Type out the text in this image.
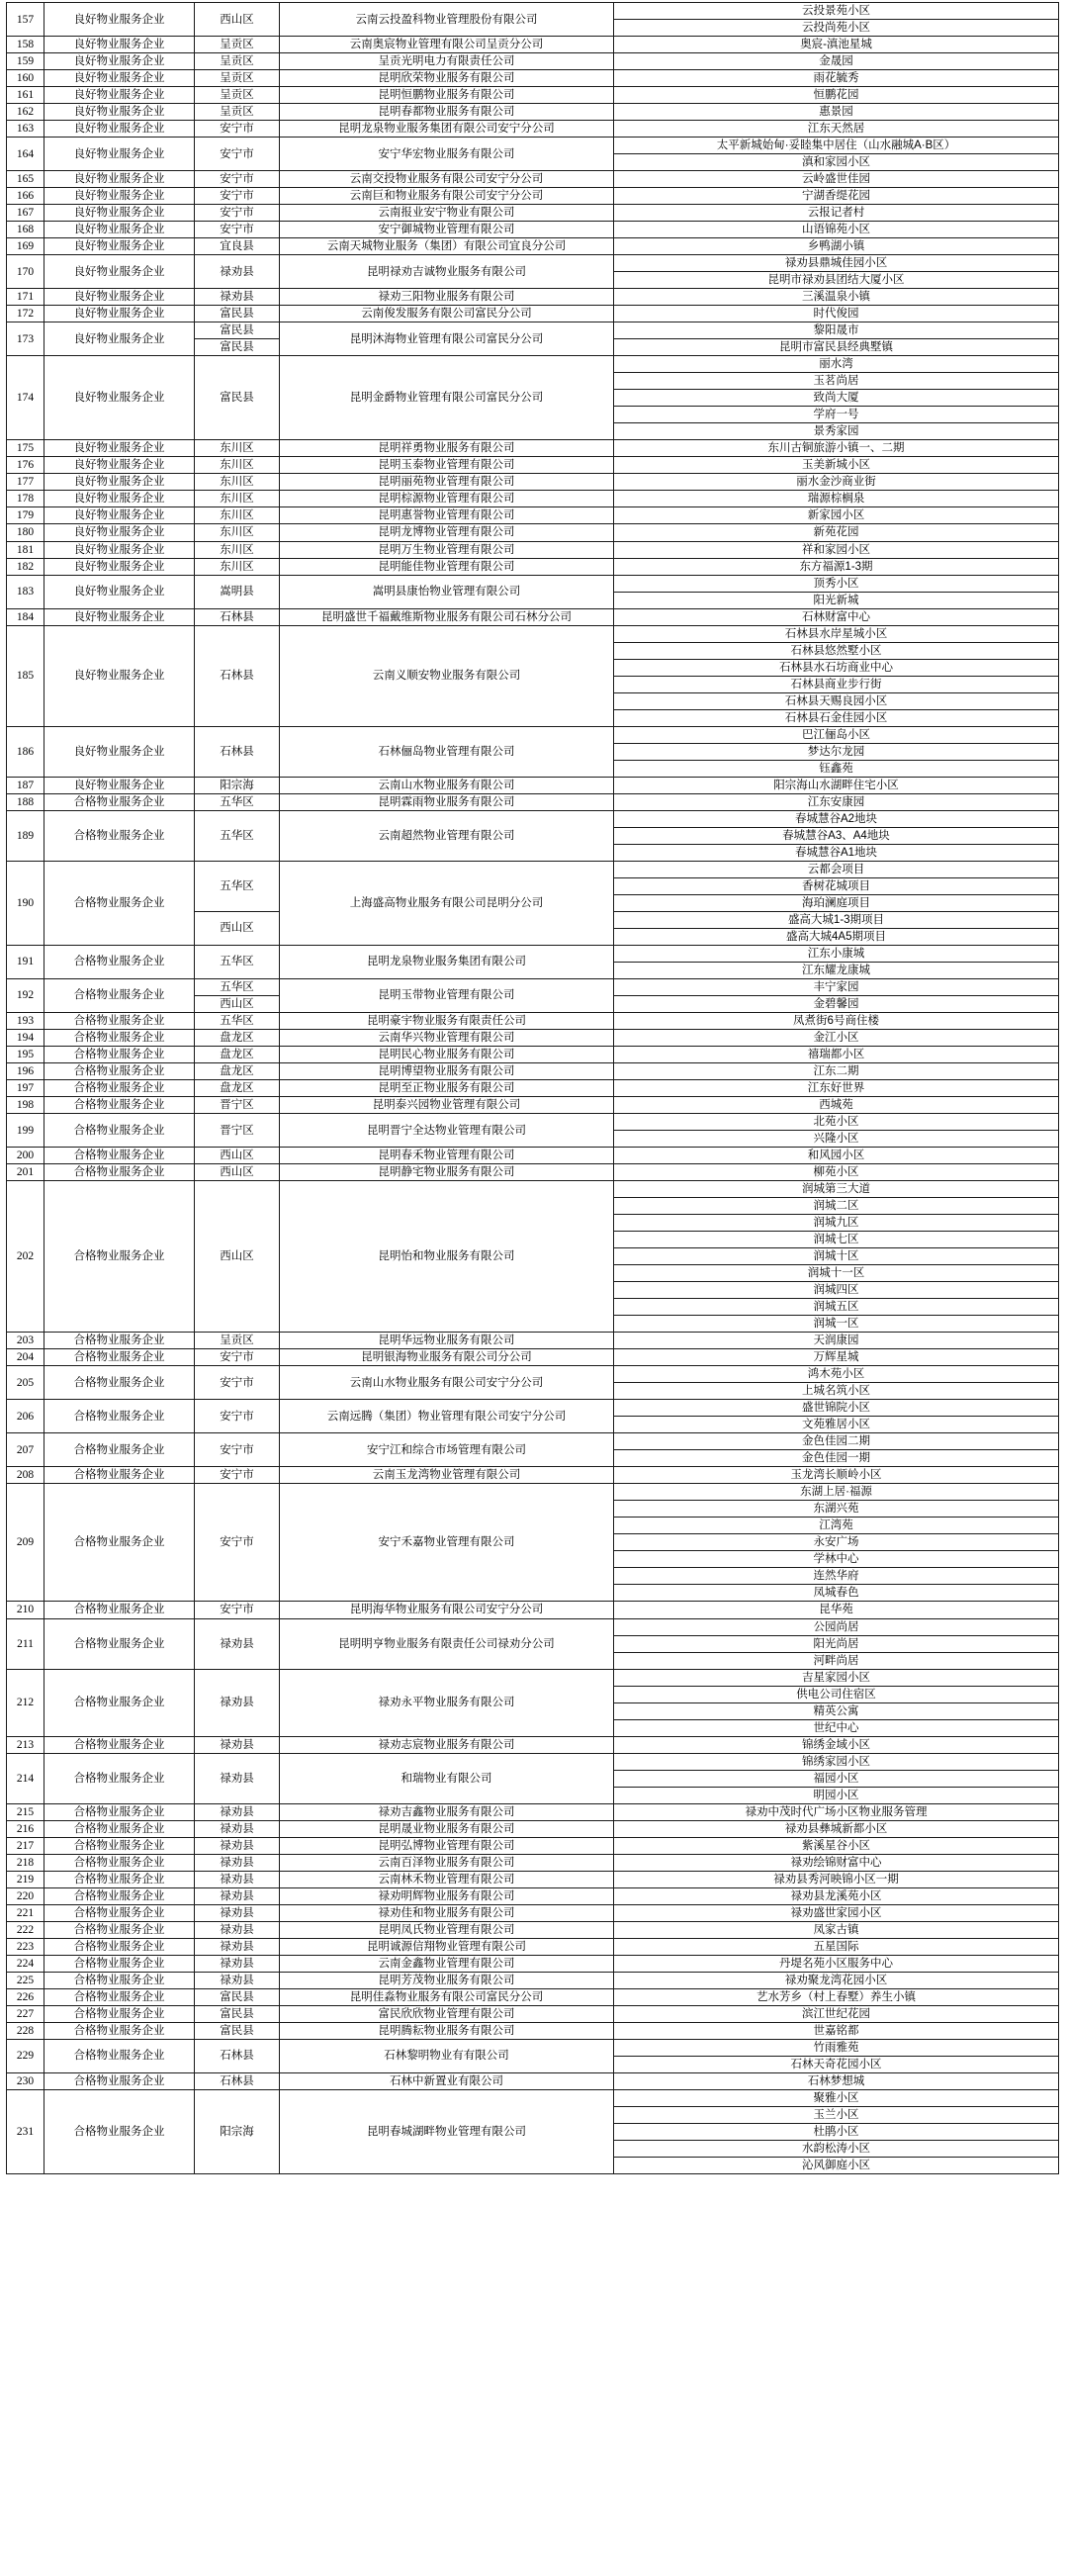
157	良好物业服务企业	西山区	云南云投盈科物业管理股份有限公司	云投景苑小区
				云投尚苑小区
158	良好物业服务企业	呈贡区	云南奥宸物业管理有限公司呈贡分公司	奥宸-滇池星城
159	良好物业服务企业	呈贡区	呈贡光明电力有限责任公司	金晟园
160	良好物业服务企业	呈贡区	昆明欣荣物业服务有限公司	雨花毓秀
161	良好物业服务企业	呈贡区	昆明恒鹏物业服务有限公司	恒鹏花园
162	良好物业服务企业	呈贡区	昆明春都物业服务有限公司	惠景园
163	良好物业服务企业	安宁市	昆明龙泉物业服务集团有限公司安宁分公司	江东天然居
164	良好物业服务企业	安宁市	安宁华宏物业服务有限公司	太平新城始甸·妥睦集中居住（山水融城A·B区）
				滇和家园小区
165	良好物业服务企业	安宁市	云南交投物业服务有限公司安宁分公司	云岭盛世佳园
166	良好物业服务企业	安宁市	云南巨和物业服务有限公司安宁分公司	宁湖香缇花园
167	良好物业服务企业	安宁市	云南报业安宁物业有限公司	云报记者村
168	良好物业服务企业	安宁市	安宁御城物业管理有限公司	山语锦苑小区
169	良好物业服务企业	宜良县	云南天城物业服务（集团）有限公司宜良分公司	乡鸭湖小镇
170	良好物业服务企业	禄劝县	昆明禄劝吉诚物业服务有限公司	禄劝县鼎城佳园小区
				昆明市禄劝县团结大厦小区
171	良好物业服务企业	禄劝县	禄劝三阳物业服务有限公司	三溪温泉小镇
172	良好物业服务企业	富民县	云南俊发服务有限公司富民分公司	时代俊园
173	良好物业服务企业	富民县	昆明沐海物业管理有限公司富民分公司	黎阳晟市
		富民县		昆明市富民县经典墅镇
174	良好物业服务企业	富民县	昆明金爵物业管理有限公司富民分公司	丽水湾
				玉茗尚居
				致尚大厦
				学府一号
				景秀家园
175	良好物业服务企业	东川区	昆明祥勇物业服务有限公司	东川古铜旅游小镇一、二期
176	良好物业服务企业	东川区	昆明玉泰物业管理有限公司	玉美新城小区
177	良好物业服务企业	东川区	昆明丽苑物业管理有限公司	丽水金沙商业街
178	良好物业服务企业	东川区	昆明棕源物业管理有限公司	瑞源棕榈泉
179	良好物业服务企业	东川区	昆明惠誉物业管理有限公司	新家园小区
180	良好物业服务企业	东川区	昆明龙博物业管理有限公司	新苑花园
181	良好物业服务企业	东川区	昆明万生物业管理有限公司	祥和家园小区
182	良好物业服务企业	东川区	昆明能佳物业管理有限公司	东方福源1-3期
183	良好物业服务企业	嵩明县	嵩明县康怡物业管理有限公司	顶秀小区
				阳光新城
184	良好物业服务企业	石林县	昆明盛世千福戴维斯物业服务有限公司石林分公司	石林财富中心
185	良好物业服务企业	石林县	云南义顺安物业服务有限公司	石林县水岸星城小区
				石林县悠然墅小区
				石林县水石坊商业中心
				石林县商业步行街
				石林县天赐良园小区
				石林县石金佳园小区
186	良好物业服务企业	石林县	石林俪岛物业管理有限公司	巴江俪岛小区
				梦达尔龙园
				钰鑫苑
187	良好物业服务企业	阳宗海	云南山水物业服务有限公司	阳宗海山水湖畔住宅小区
188	合格物业服务企业	五华区	昆明霖雨物业服务有限公司	江东安康园
189	合格物业服务企业	五华区	云南超然物业管理有限公司	春城慧谷A2地块
				春城慧谷A3、A4地块
				春城慧谷A1地块
190	合格物业服务企业	五华区	上海盛高物业服务有限公司昆明分公司	云都会项目
				香树花城项目
				海珀澜庭项目
		西山区		盛高大城1-3期项目
				盛高大城4A5期项目
191	合格物业服务企业	五华区	昆明龙泉物业服务集团有限公司	江东小康城
				江东耀龙康城
192	合格物业服务企业	五华区	昆明玉带物业管理有限公司	丰宁家园
		西山区		金碧馨园
193	合格物业服务企业	五华区	昆明豪宇物业服务有限责任公司	凤煮街6号商住楼
194	合格物业服务企业	盘龙区	云南华兴物业管理有限公司	金江小区
195	合格物业服务企业	盘龙区	昆明民心物业服务有限公司	禧瑞都小区
196	合格物业服务企业	盘龙区	昆明博望物业服务有限公司	江东二期
197	合格物业服务企业	盘龙区	昆明至正物业服务有限公司	江东好世界
198	合格物业服务企业	晋宁区	昆明泰兴园物业管理有限公司	西城苑
199	合格物业服务企业	晋宁区	昆明晋宁全达物业管理有限公司	北苑小区
				兴隆小区
200	合格物业服务企业	西山区	昆明春禾物业管理有限公司	和风园小区
201	合格物业服务企业	西山区	昆明静宅物业服务有限公司	柳苑小区
202	合格物业服务企业	西山区	昆明怡和物业服务有限公司	润城第三大道
				润城二区
				润城九区
				润城七区
				润城十区
				润城十一区
				润城四区
				润城五区
				润城一区
203	合格物业服务企业	呈贡区	昆明华远物业服务有限公司	天润康园
204	合格物业服务企业	安宁市	昆明银海物业服务有限公司分公司	万辉星城
205	合格物业服务企业	安宁市	云南山水物业服务有限公司安宁分公司	鸿木苑小区
				上城名筑小区
206	合格物业服务企业	安宁市	云南远腾（集团）物业管理有限公司安宁分公司	盛世锦院小区
				文苑雅居小区
207	合格物业服务企业	安宁市	安宁江和综合市场管理有限公司	金色佳园二期
				金色佳园一期
208	合格物业服务企业	安宁市	云南玉龙湾物业管理有限公司	玉龙湾长顺岭小区
209	合格物业服务企业	安宁市	安宁禾嘉物业管理有限公司	东湖上居·福源
				东湖兴苑
				江湾苑
				永安广场
				学林中心
				连然华府
				凤城春色
210	合格物业服务企业	安宁市	昆明海华物业服务有限公司安宁分公司	昆华苑
211	合格物业服务企业	禄劝县	昆明明亨物业服务有限责任公司禄劝分公司	公园尚居
				阳光尚居
				河畔尚居
212	合格物业服务企业	禄劝县	禄劝永平物业服务有限公司	吉星家园小区
				供电公司住宿区
				精英公寓
				世纪中心
213	合格物业服务企业	禄劝县	禄劝志宸物业服务有限公司	锦绣金域小区
214	合格物业服务企业	禄劝县	和瑞物业有限公司	锦绣家园小区
				福园小区
				明园小区
215	合格物业服务企业	禄劝县	禄劝吉鑫物业服务有限公司	禄劝中茂时代广场小区物业服务管理
216	合格物业服务企业	禄劝县	昆明晟业物业服务有限公司	禄劝县彝城新都小区
217	合格物业服务企业	禄劝县	昆明弘博物业管理有限公司	紫溪星谷小区
218	合格物业服务企业	禄劝县	云南百泽物业服务有限公司	禄劝绘锦财富中心
219	合格物业服务企业	禄劝县	云南林禾物业管理有限公司	禄劝县秀河映锦小区一期
220	合格物业服务企业	禄劝县	禄劝明辉物业服务有限公司	禄劝县龙溪苑小区
221	合格物业服务企业	禄劝县	禄劝佳和物业服务有限公司	禄劝盛世家园小区
222	合格物业服务企业	禄劝县	昆明凤氏物业管理有限公司	凤家古镇
223	合格物业服务企业	禄劝县	昆明诚源信翔物业管理有限公司	五星国际
224	合格物业服务企业	禄劝县	云南金鑫物业管理有限公司	丹堤名苑小区服务中心
225	合格物业服务企业	禄劝县	昆明芳茂物业服务有限公司	禄劝聚龙湾花园小区
226	合格物业服务企业	富民县	昆明佳淼物业服务有限公司富民分公司	艺水芳乡（村上春墅）养生小镇
227	合格物业服务企业	富民县	富民欣欣物业管理有限公司	滨江世纪花园
228	合格物业服务企业	富民县	昆明腾耘物业服务有限公司	世嘉铭都
229	合格物业服务企业	石林县	石林黎明物业有有限公司	竹雨雅苑
				石林天奇花园小区
230	合格物业服务企业	石林县	石林中新置业有限公司	石林梦想城
231	合格物业服务企业	阳宗海	昆明春城湖畔物业管理有限公司	聚雅小区
				玉兰小区
				杜鹃小区
				水韵松涛小区
				沁风御庭小区
